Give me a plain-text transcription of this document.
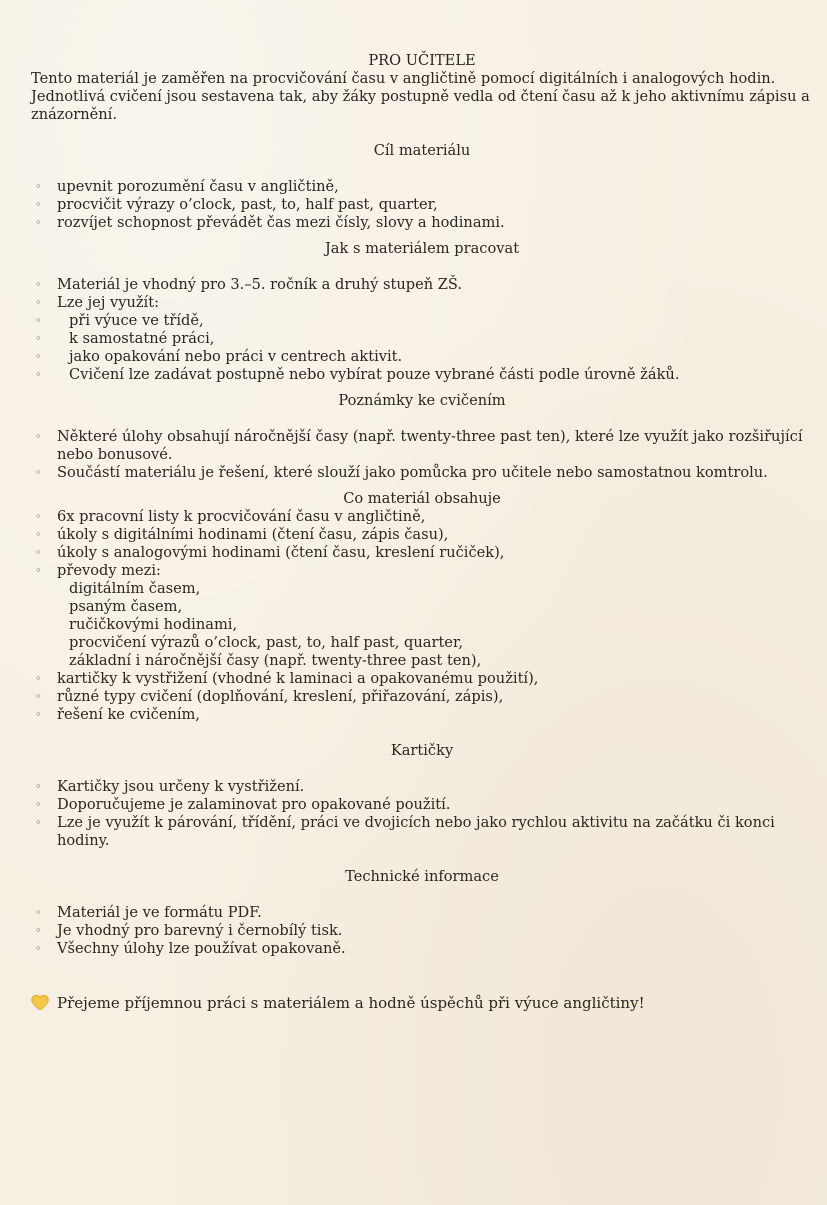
PRO UČITELE

Tento materiál je zaměřen na procvičování času v angličtině pomocí digitálních i analogových hodin. Jednotlivá cvičení jsou sestavena tak, aby žáky postupně vedla od čtení času až k jeho aktivnímu zápisu a znázornění.

Cíl materiálu
◦ upevnit porozumění času v angličtině,
◦ procvičit výrazy o’clock, past, to, half past, quarter,
◦ rozvíjet schopnost převádět čas mezi čísly, slovy a hodinami.
Jak s materiálem pracovat
◦ Materiál je vhodný pro 3.–5. ročník a druhý stupeň ZŠ.
◦ Lze jej využít:
◦ při výuce ve třídě,
◦ k samostatné práci,
◦ jako opakování nebo práci v centrech aktivit.
◦ Cvičení lze zadávat postupně nebo vybírat pouze vybrané části podle úrovně žáků.
Poznámky ke cvičením
◦ Některé úlohy obsahují náročnější časy (např. twenty-three past ten), které lze využít jako rozšiřující nebo bonusové.
◦ Součástí materiálu je řešení, které slouží jako pomůcka pro učitele nebo samostatnou komtrolu.
Co materiál obsahuje
◦ 6x pracovní listy k procvičování času v angličtině,
◦ úkoly s digitálními hodinami (čtení času, zápis času),
◦ úkoly s analogovými hodinami (čtení času, kreslení ručiček),
◦ převody mezi:
digitálním časem,
psaným časem,
ručičkovými hodinami,
procvičení výrazů o’clock, past, to, half past, quarter,
základní i náročnější časy (např. twenty-three past ten),
◦ kartičky k vystřižení (vhodné k laminaci a opakovanému použití),
◦ různé typy cvičení (doplňování, kreslení, přiřazování, zápis),
◦ řešení ke cvičením,
Kartičky
◦ Kartičky jsou určeny k vystřižení.
◦ Doporučujeme je zalaminovat pro opakované použití.
◦ Lze je využít k párování, třídění, práci ve dvojicích nebo jako rychlou aktivitu na začátku či konci hodiny.
Technické informace
◦ Materiál je ve formátu PDF.
◦ Je vhodný pro barevný i černobílý tisk.
◦ Všechny úlohy lze používat opakovaně.
Přejeme příjemnou práci s materiálem a hodně úspěchů při výuce angličtiny!
